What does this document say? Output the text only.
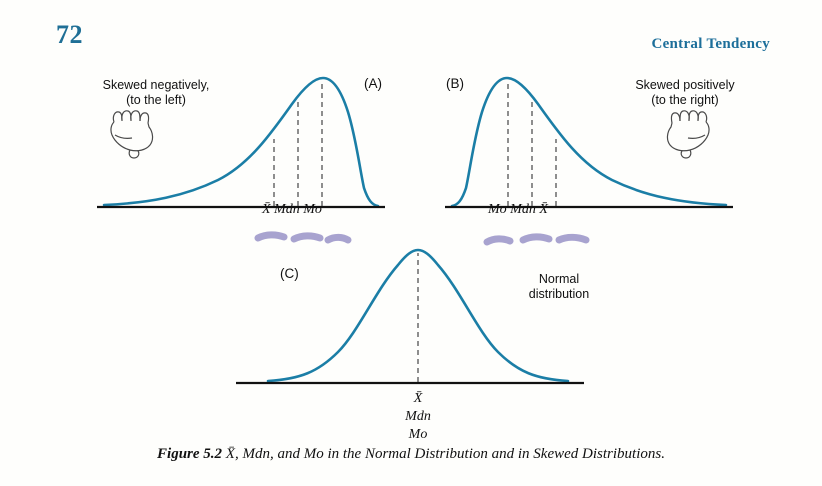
72	Central Tendency
Skewed negatively,
(to the left)
(A)
X̄ Mdn Mo
(B)	Skewed positively
(to the right)
Mo Mdn X̄
(C)	Normal
distribution
X̄
Mdn
Mo
Figure 5.2 X̄, Mdn, and Mo in the Normal Distribution and in Skewed Distributions.
